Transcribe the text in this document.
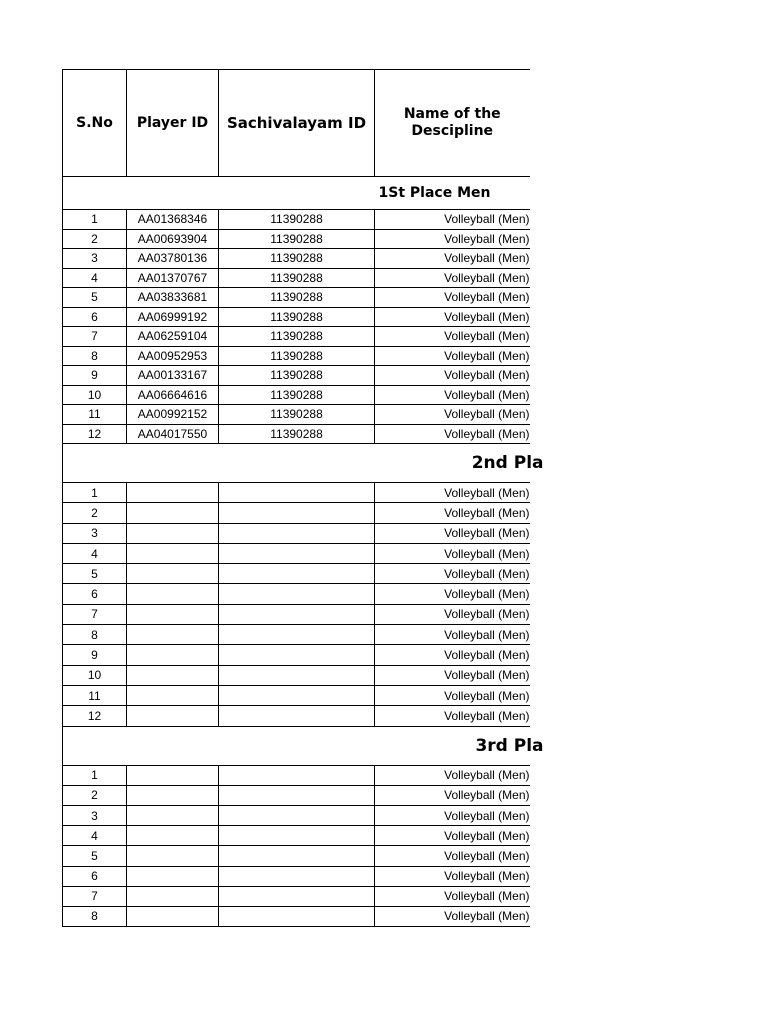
S.No	Player ID	Sachivalayam ID	Name of the Descipline
			1St Place Men
1	AA01368346	11390288	Volleyball (Men)
2	AA00693904	11390288	Volleyball (Men)
3	AA03780136	11390288	Volleyball (Men)
4	AA01370767	11390288	Volleyball (Men)
5	AA03833681	11390288	Volleyball (Men)
6	AA06999192	11390288	Volleyball (Men)
7	AA06259104	11390288	Volleyball (Men)
8	AA00952953	11390288	Volleyball (Men)
9	AA00133167	11390288	Volleyball (Men)
10	AA06664616	11390288	Volleyball (Men)
11	AA00992152	11390288	Volleyball (Men)
12	AA04017550	11390288	Volleyball (Men)

			2nd Pla

1			Volleyball (Men)
2			Volleyball (Men)
3			Volleyball (Men)
4			Volleyball (Men)
5			Volleyball (Men)
6			Volleyball (Men)
7			Volleyball (Men)
8			Volleyball (Men)
9			Volleyball (Men)
10			Volleyball (Men)
11			Volleyball (Men)
12			Volleyball (Men)

			3rd Pla

1			Volleyball (Men)
2			Volleyball (Men)
3			Volleyball (Men)
4			Volleyball (Men)
5			Volleyball (Men)
6			Volleyball (Men)
7			Volleyball (Men)
8			Volleyball (Men)
